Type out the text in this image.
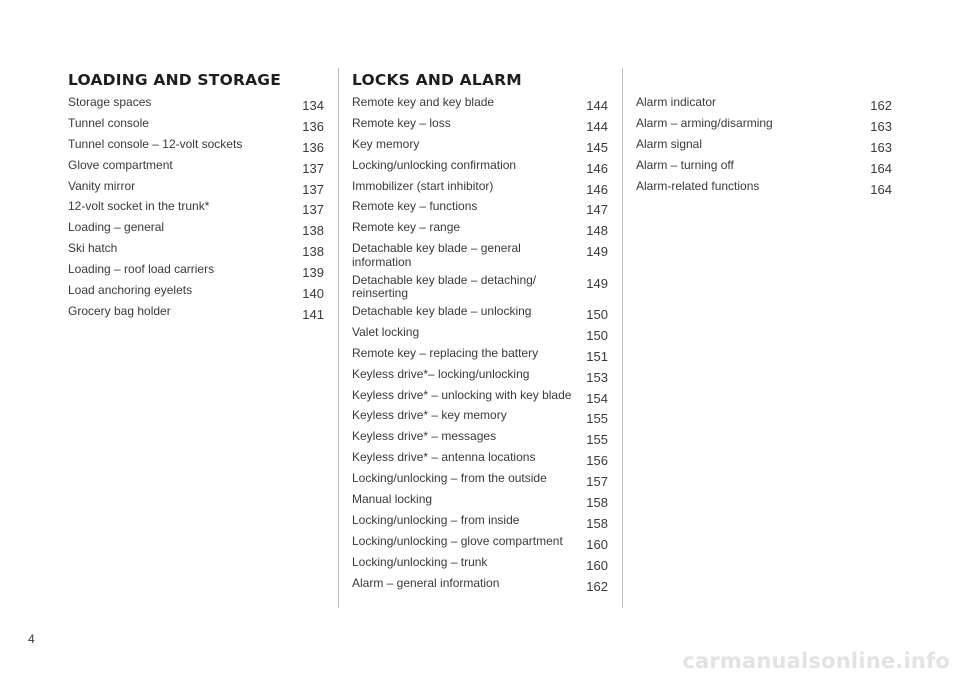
LOADING AND STORAGE
Storage spaces	134
Tunnel console	136
Tunnel console – 12-volt sockets	136
Glove compartment	137
Vanity mirror	137
12-volt socket in the trunk*	137
Loading – general	138
Ski hatch	138
Loading – roof load carriers	139
Load anchoring eyelets	140
Grocery bag holder	141
LOCKS AND ALARM
Remote key and key blade	144
Remote key – loss	144
Key memory	145
Locking/unlocking confirmation	146
Immobilizer (start inhibitor)	146
Remote key – functions	147
Remote key – range	148
Detachable key blade – general information
149
Detachable key blade – detaching/ reinserting
149
Detachable key blade – unlocking	150
Valet locking	150
Remote key – replacing the battery	151
Keyless drive*– locking/unlocking	153
Keyless drive* – unlocking with key blade 154
Keyless drive* – key memory	155
Keyless drive* – messages	155
Keyless drive* – antenna locations	156
Locking/unlocking – from the outside	157
Manual locking	158
Locking/unlocking – from inside	158
Locking/unlocking – glove compartment 160
Locking/unlocking – trunk	160
Alarm – general information	162
Alarm indicator	162
Alarm – arming/disarming	163
Alarm signal	163
Alarm – turning off	164
Alarm-related functions	164
4
carmanualsonline.info
